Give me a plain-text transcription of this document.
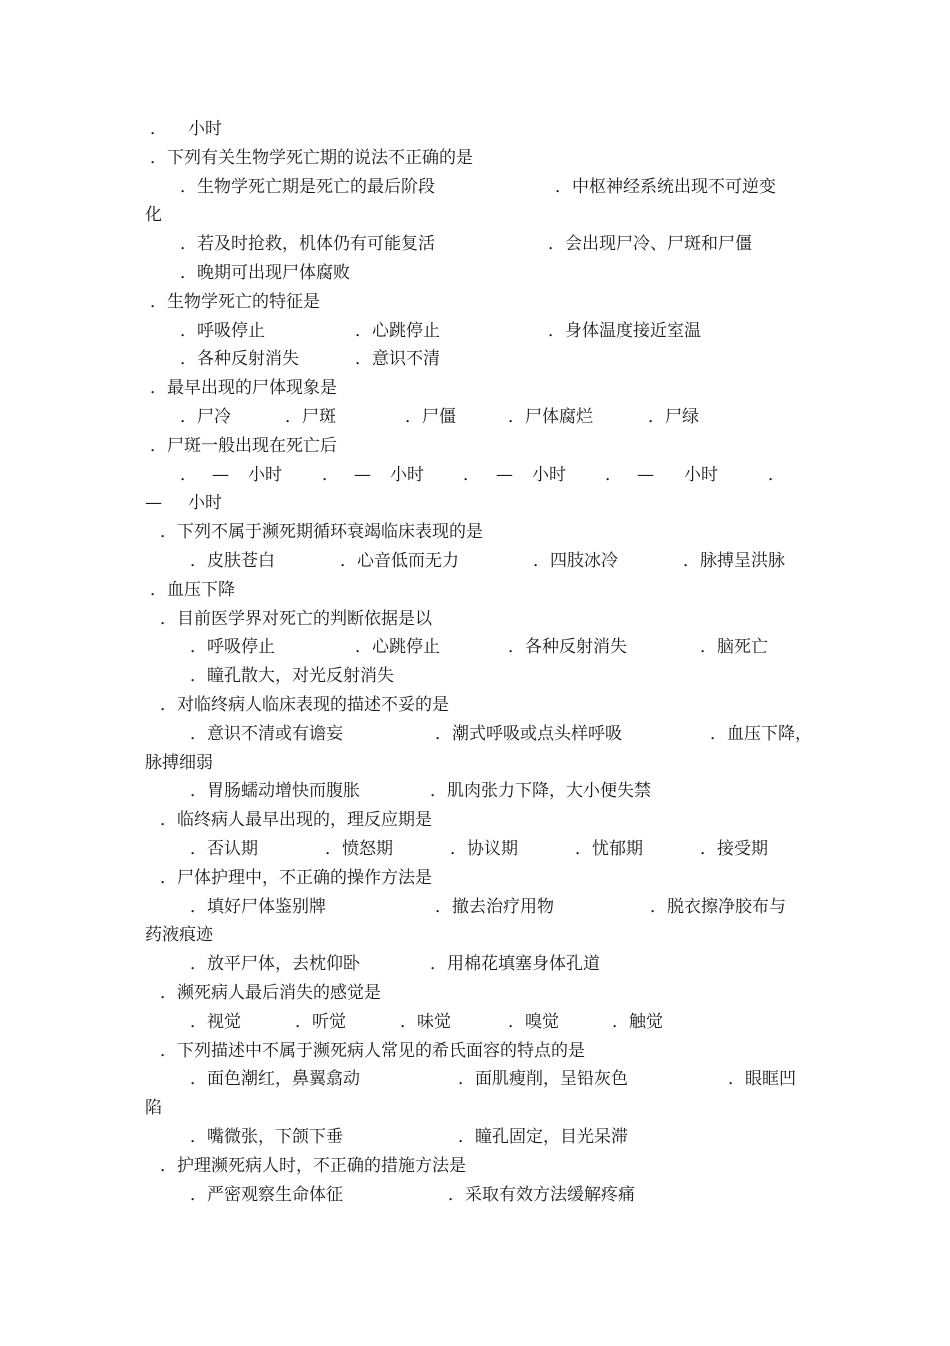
． 小时
．下列有关生物学死亡期的说法不正确的是
．生物学死亡期是死亡的最后阶段	．中枢神经系统出现不可逆变
化
．若及时抢救，机体仍有可能复活	．会出现尸冷、尸斑和尸僵
．晚期可出现尸体腐败
．生物学死亡的特征是
．呼吸停止	．心跳停止	．身体温度接近室温
．各种反射消失	．意识不清
．最早出现的尸体现象是
．尸冷	．尸斑	．尸僵	．尸体腐烂	．尸绿
．尸斑一般出现在死亡后
． — 小时 ． — 小时 ． — 小时 ． — 小时	．
— 小时
．下列不属于濒死期循环衰竭临床表现的是
．皮肤苍白	．心音低而无力	．四肢冰冷	．脉搏呈洪脉
．血压下降
．目前医学界对死亡的判断依据是以
．呼吸停止	．心跳停止	．各种反射消失	．脑死亡
．瞳孔散大，对光反射消失
．对临终病人临床表现的描述不妥的是
．意识不清或有谵妄	．潮式呼吸或点头样呼吸	．血压下降，
脉搏细弱
．胃肠蠕动增快而腹胀	．肌肉张力下降，大小便失禁
．临终病人最早出现的，理反应期是
．否认期	．愤怒期	．协议期	．忧郁期	．接受期
．尸体护理中，不正确的操作方法是
．填好尸体鉴别牌	．撤去治疗用物	．脱衣擦净胶布与
药液痕迹
．放平尸体，去枕仰卧	．用棉花填塞身体孔道
．濒死病人最后消失的感觉是
．视觉	．听觉	．味觉	．嗅觉	．触觉
．下列描述中不属于濒死病人常见的希氏面容的特点的是
．面色潮红，鼻翼翕动	．面肌瘦削，呈铅灰色	．眼眶凹
陷
．嘴微张，下颌下垂	．瞳孔固定，目光呆滞
．护理濒死病人时，不正确的措施方法是
．严密观察生命体征	．采取有效方法缓解疼痛
